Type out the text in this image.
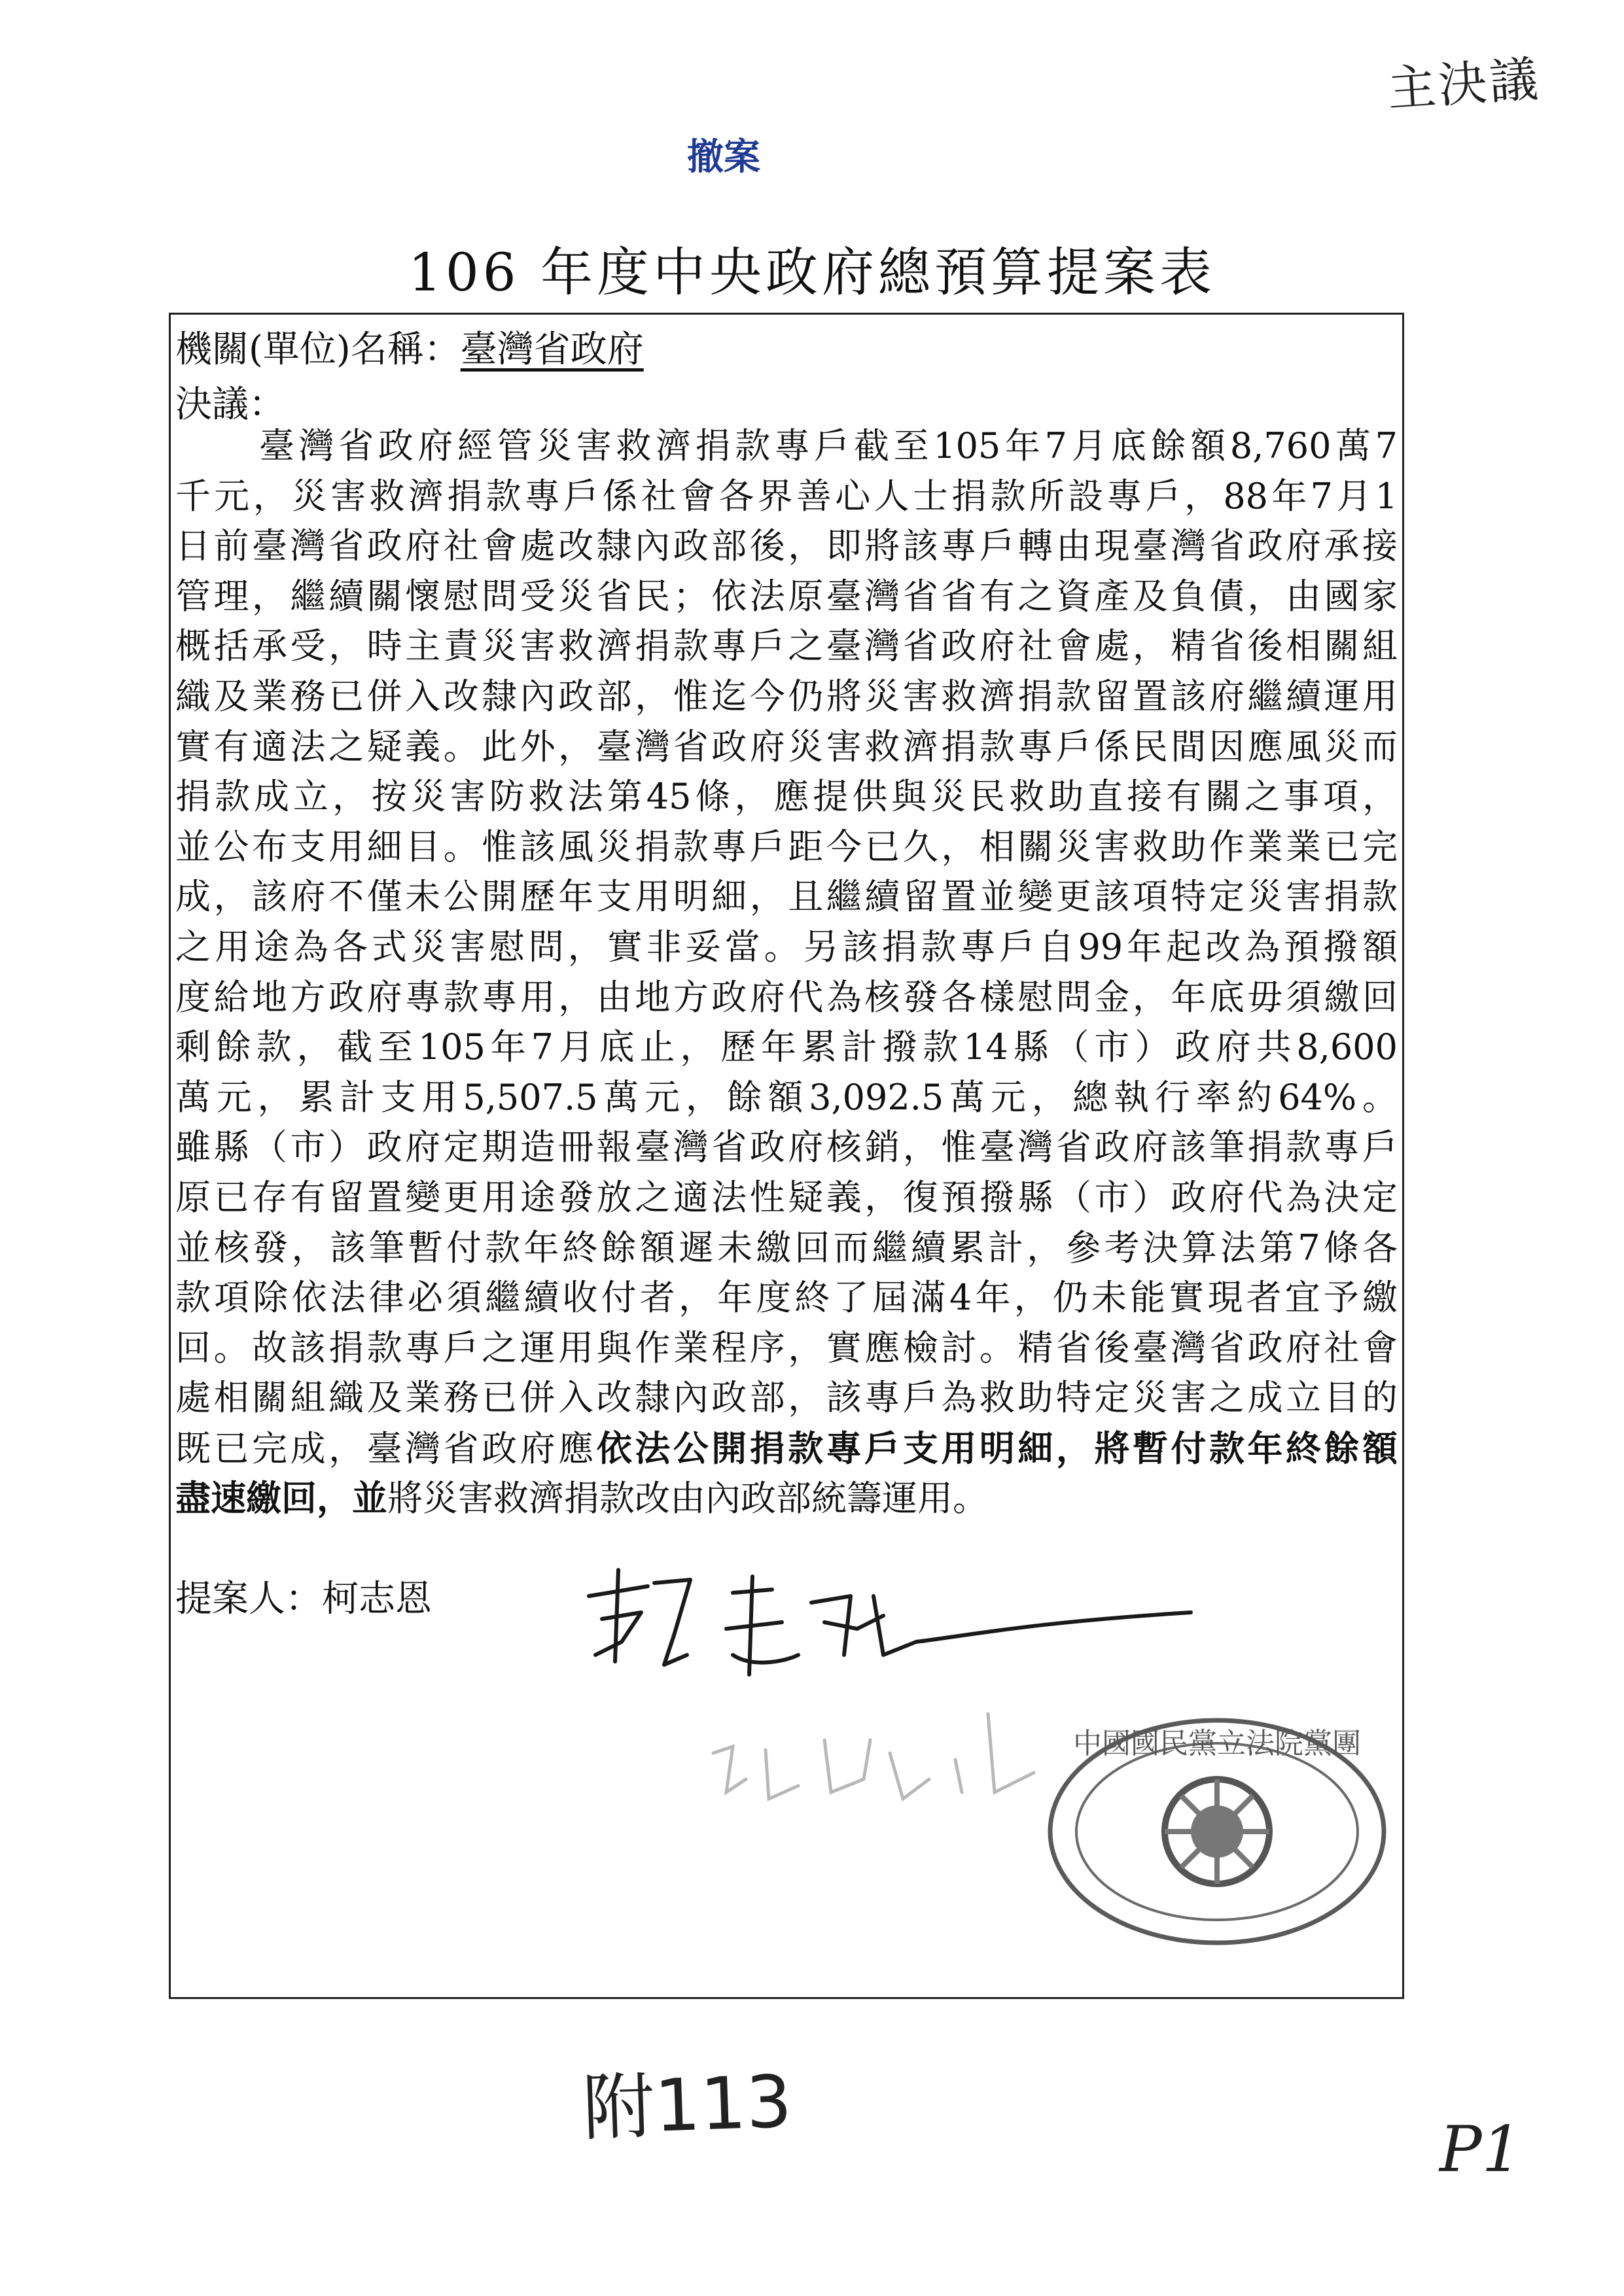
主決議
撤案
106 年度中央政府總預算提案表
機關(單位)名稱：臺灣省政府
決議：
臺灣省政府經管災害救濟捐款專戶截至105年7月底餘額8,760萬7
千元，災害救濟捐款專戶係社會各界善心人士捐款所設專戶，88年7月1
日前臺灣省政府社會處改隸內政部後，即將該專戶轉由現臺灣省政府承接
管理，繼續關懷慰問受災省民；依法原臺灣省省有之資產及負債，由國家
概括承受，時主責災害救濟捐款專戶之臺灣省政府社會處，精省後相關組
織及業務已併入改隸內政部，惟迄今仍將災害救濟捐款留置該府繼續運用
實有適法之疑義。此外，臺灣省政府災害救濟捐款專戶係民間因應風災而
捐款成立，按災害防救法第45條，應提供與災民救助直接有關之事項，
並公布支用細目。惟該風災捐款專戶距今已久，相關災害救助作業業已完
成，該府不僅未公開歷年支用明細，且繼續留置並變更該項特定災害捐款
之用途為各式災害慰問，實非妥當。另該捐款專戶自99年起改為預撥額
度給地方政府專款專用，由地方政府代為核發各樣慰問金，年底毋須繳回
剩餘款，截至105年7月底止，歷年累計撥款14縣（市）政府共8,600
萬元，累計支用5,507.5萬元，餘額3,092.5萬元，總執行率約64%。
雖縣（市）政府定期造冊報臺灣省政府核銷，惟臺灣省政府該筆捐款專戶
原已存有留置變更用途發放之適法性疑義，復預撥縣（市）政府代為決定
並核發，該筆暫付款年終餘額遲未繳回而繼續累計，參考決算法第7條各
款項除依法律必須繼續收付者，年度終了屆滿4年，仍未能實現者宜予繳
回。故該捐款專戶之運用與作業程序，實應檢討。精省後臺灣省政府社會
處相關組織及業務已併入改隸內政部，該專戶為救助特定災害之成立目的
既已完成，臺灣省政府應依法公開捐款專戶支用明細，將暫付款年終餘額
盡速繳回，並將災害救濟捐款改由內政部統籌運用。
提案人：柯志恩
中國國民黨立法院黨團
附113	P1
